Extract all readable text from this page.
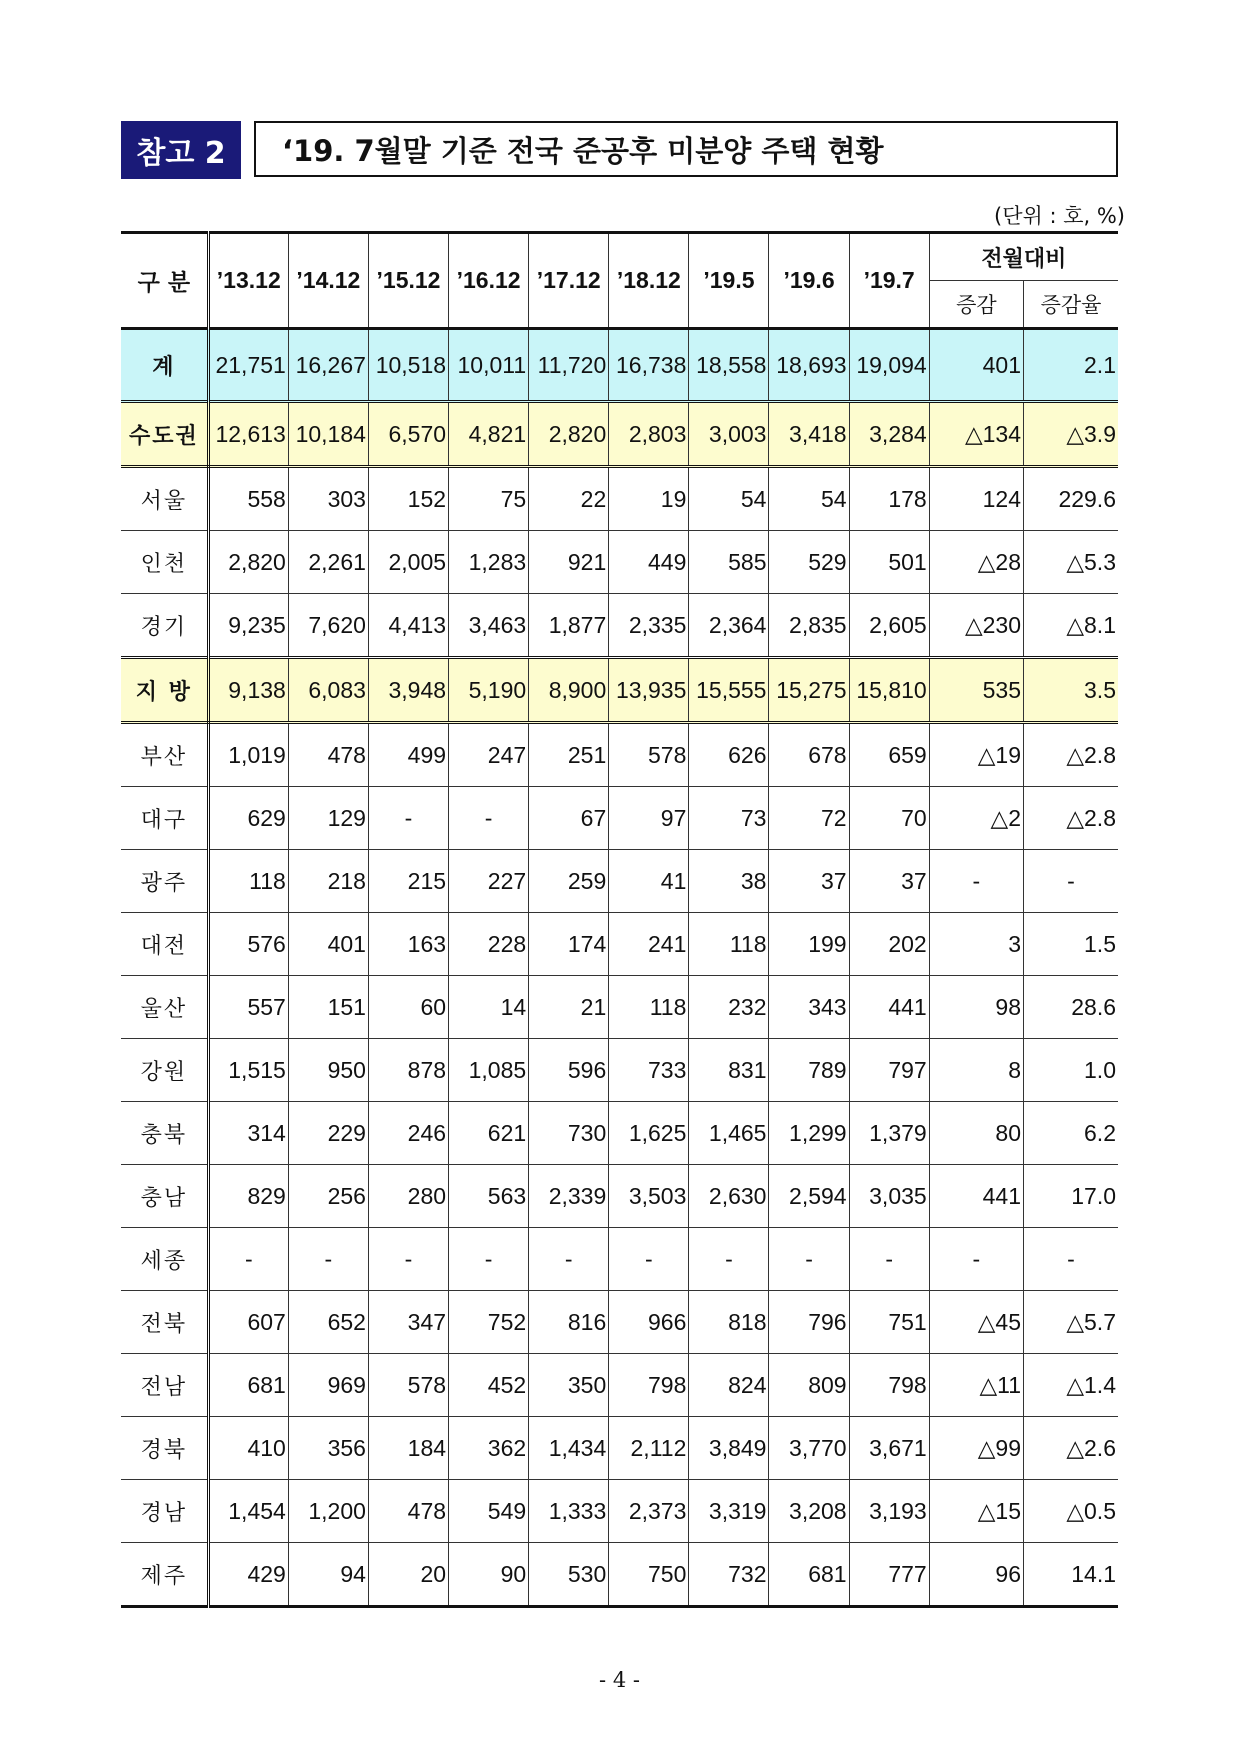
참고 2	‘19. 7월말 기준 전국 준공후 미분양 주택 현황
(단위 : 호, %)
구 분	’13.12	’14.12	’15.12	’16.12	’17.12	’18.12	’19.5	’19.6	’19.7	전월대비	
										증감	증감율
계	21,751	16,267	10,518	10,011	11,720	16,738	18,558	18,693	19,094	401	2.1
수도권	12,613	10,184	6,570	4,821	2,820	2,803	3,003	3,418	3,284	△134	△3.9
서울	558	303	152	75	22	19	54	54	178	124	229.6
인천	2,820	2,261	2,005	1,283	921	449	585	529	501	△28	△5.3
경기	9,235	7,620	4,413	3,463	1,877	2,335	2,364	2,835	2,605	△230	△8.1
지 방	9,138	6,083	3,948	5,190	8,900	13,935	15,555	15,275	15,810	535	3.5
부산	1,019	478	499	247	251	578	626	678	659	△19	△2.8
대구	629	129	-	-	67	97	73	72	70	△2	△2.8
광주	118	218	215	227	259	41	38	37	37	-	-
대전	576	401	163	228	174	241	118	199	202	3	1.5
울산	557	151	60	14	21	118	232	343	441	98	28.6
강원	1,515	950	878	1,085	596	733	831	789	797	8	1.0
충북	314	229	246	621	730	1,625	1,465	1,299	1,379	80	6.2
충남	829	256	280	563	2,339	3,503	2,630	2,594	3,035	441	17.0
세종	-	-	-	-	-	-	-	-	-	-	-
전북	607	652	347	752	816	966	818	796	751	△45	△5.7
전남	681	969	578	452	350	798	824	809	798	△11	△1.4
경북	410	356	184	362	1,434	2,112	3,849	3,770	3,671	△99	△2.6
경남	1,454	1,200	478	549	1,333	2,373	3,319	3,208	3,193	△15	△0.5
제주	429	94	20	90	530	750	732	681	777	96	14.1
- 4 -
